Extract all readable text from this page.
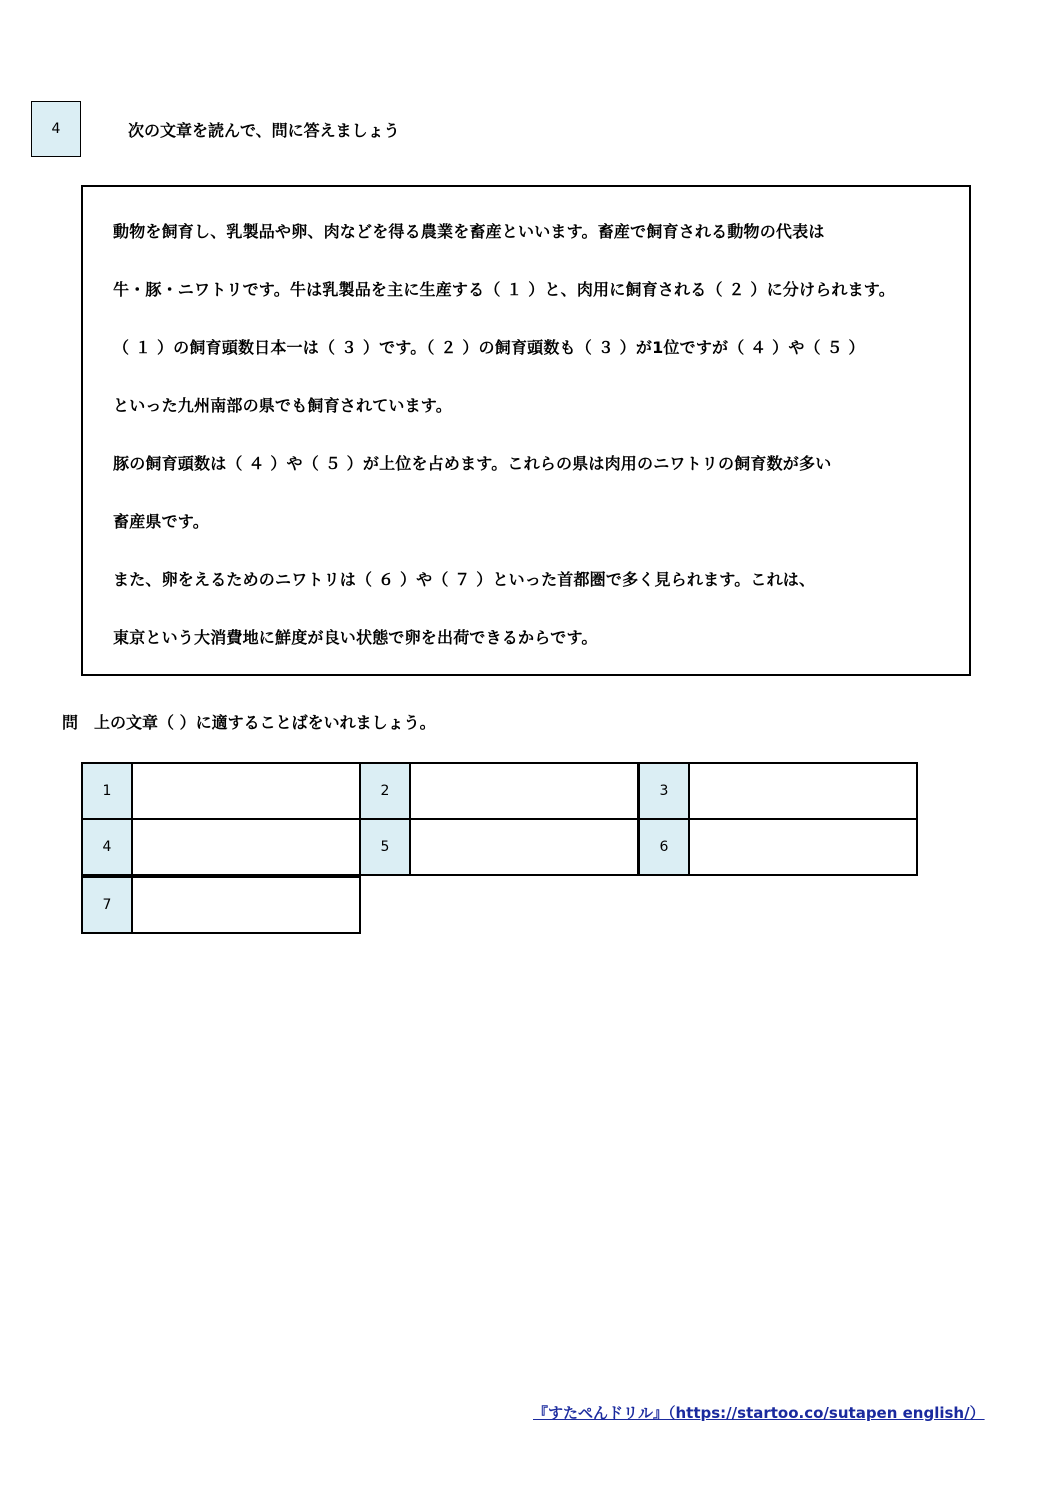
4	次の文章を読んで、問に答えましょう
動物を飼育し、乳製品や卵、肉などを得る農業を畜産といいます。畜産で飼育される動物の代表は
牛・豚・ニワトリです。牛は乳製品を主に生産する（ １ ）と、肉用に飼育される（ ２ ）に分けられます。
（ １ ）の飼育頭数日本一は（ ３ ）です。（ ２ ）の飼育頭数も（ ３ ）が1位ですが（ ４ ）や（ ５ ）
といった九州南部の県でも飼育されています。
豚の飼育頭数は（ ４ ）や（ ５ ）が上位を占めます。これらの県は肉用のニワトリの飼育数が多い
畜産県です。
また、卵をえるためのニワトリは（ ６ ）や（ ７ ）といった首都圏で多く見られます。これは、
東京という大消費地に鮮度が良い状態で卵を出荷できるからです。
問　上の文章（ ）に適することばをいれましょう。
1	2	3
4	5	6
7
『すたぺんドリル』（https://startoo.co/sutapen english/）
